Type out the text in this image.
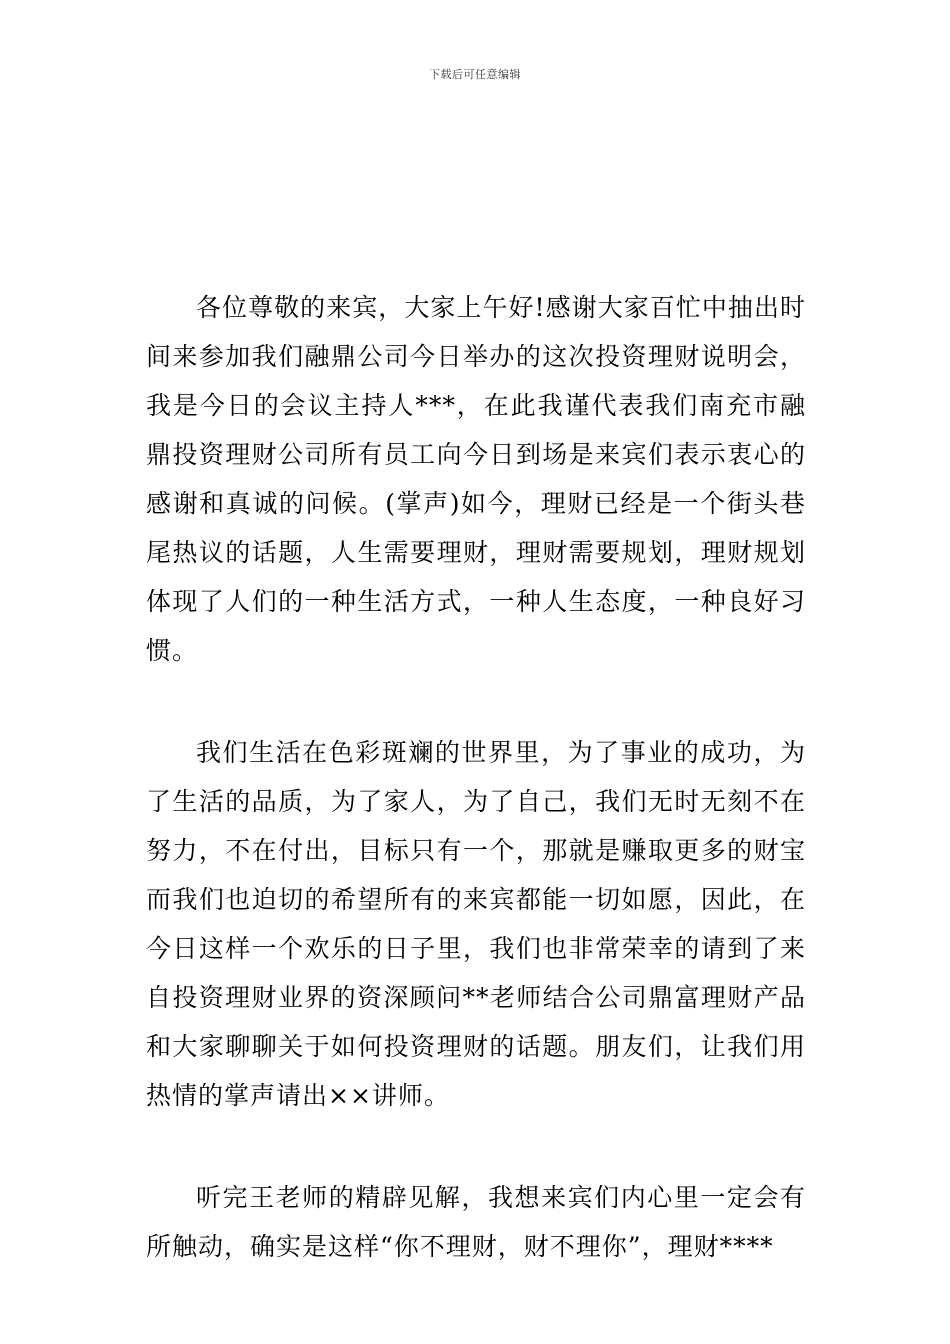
下载后可任意编辑

各位尊敬的来宾，大家上午好!感谢大家百忙中抽出时间来参加我们融鼎公司今日举办的这次投资理财说明会，我是今日的会议主持人***，在此我谨代表我们南充市融鼎投资理财公司所有员工向今日到场是来宾们表示衷心的感谢和真诚的问候。(掌声)如今，理财已经是一个街头巷尾热议的话题，人生需要理财，理财需要规划，理财规划体现了人们的一种生活方式，一种人生态度，一种良好习惯。

我们生活在色彩斑斓的世界里，为了事业的成功，为了生活的品质，为了家人，为了自己，我们无时无刻不在努力，不在付出，目标只有一个，那就是赚取更多的财宝而我们也迫切的希望所有的来宾都能一切如愿，因此，在今日这样一个欢乐的日子里，我们也非常荣幸的请到了来自投资理财业界的资深顾问**老师结合公司鼎富理财产品和大家聊聊关于如何投资理财的话题。朋友们，让我们用热情的掌声请出××讲师。

听完王老师的精辟见解，我想来宾们内心里一定会有所触动，确实是这样“你不理财，财不理你”，理财****
